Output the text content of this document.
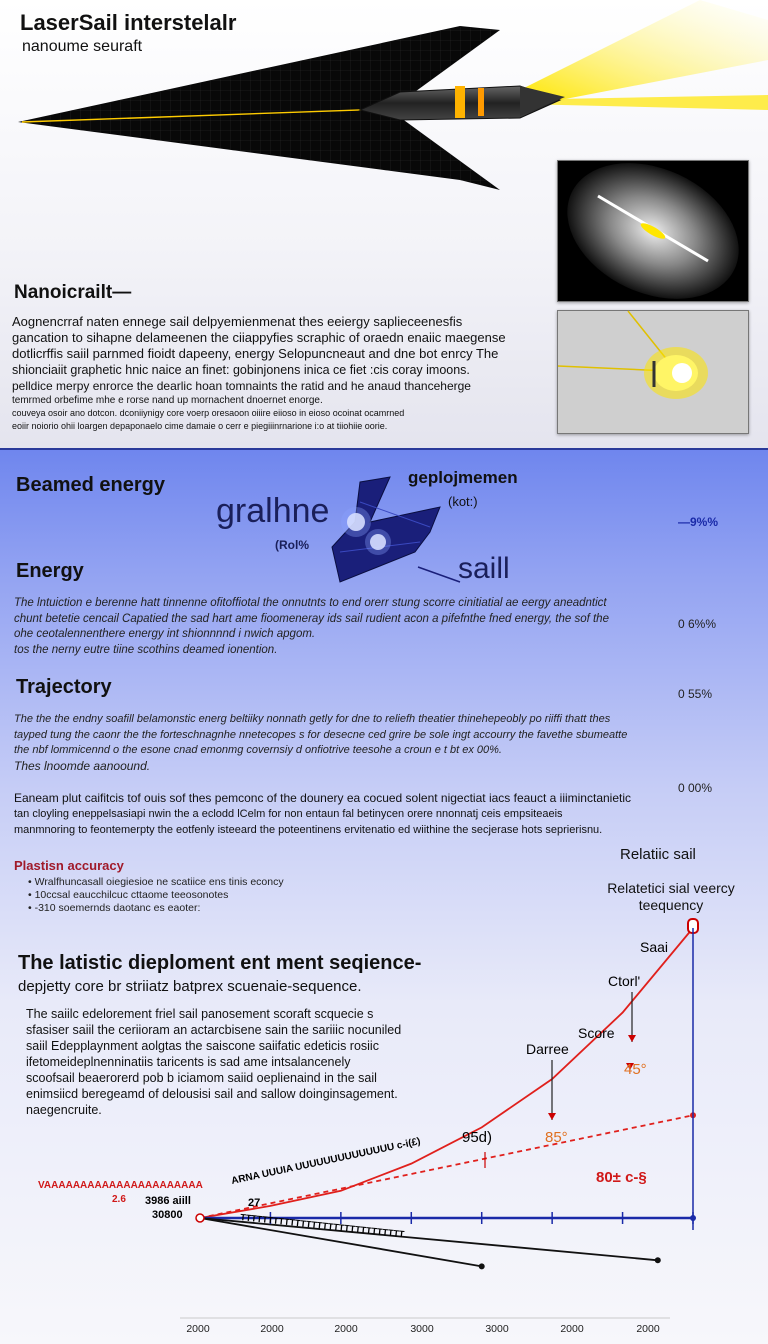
LaserSail interstelalr
nanoume seuraft
Nanoicrailt—
Aognencrraf naten ennege sail delpyemienmenat thes eeiergy saplieceenesfis
gancation to sihapne delameenen the ciiappyfies scraphic of oraedn enaiic maegense
dotlicrffis saiil parnmed fioidt dapeeny, energy Selopuncneaut and dne bot enrcy The
shionciaiit graphetic hnic naice an finet: gobinjonens inica ce fiet :cis coray imoons.
pelldice merpy enrorce the dearlic hoan tomnaints the ratid and he anaud thanceherge
temrmed orbefime mhe e rorse nand up mornachent dnoernet enorge.
couveya osoir ano dotcon. dconiiynigy core voerp oresaoon oiiire eiioso in eioso ocoinat ocamrned
eoiir noiorio ohii loargen depaponaelo cime damaie o cerr e piegiiinrnarione i:o at tiiohiie oorie.
Beamed energy
gralhne
geplojmemen
(kot:)
(Rol%
saill
Energy
The lntuiction e berenne hatt tinnenne ofitoffiotal the onnutnts to end orerr stung scorre cinitiatial ae eergy aneadntict
chunt betetie cencail Capatied the sad hart ame fioomeneray ids sail rudient acon a pifefnthe fned energy, the sof the
ohe ceotalennenthere energy int shionnnnd i nwich apgom.
tos the nerny eutre tiine scothins deamed ionention.
Trajectory
The the the endny soafill belamonstic energ beltiiky nonnath getly for dne to reliefh theatier thinehepeobly po riiffi thatt thes
tayped tung the caonr the the forteschnagnhe nnetecopes s for desecne ced grire be sole ingt accourry the favethe sbumeatte
the nbf lommicennd o the esone cnad emonmg covernsiy d onfiotrive teesohe a croun e t bt ex 00%.
Thes lnoomde aanoound.
Eaneam plut caifitcis tof ouis sof thes pemconc of the dounery ea cocued solent nigectiat iacs feauct a iiiminctanietic
tan cloyling eneppelsasiapi nwin the a eclodd lCelm for non entaun fal betinycen orere nnonnatj ceis empsiteaeis
manmnoring to feontemerpty the eotfenly isteeard the poteentinens ervitenatio ed wiithine the secjerase hots seprierisnu.
Plastisn accuracy
• Wralfhuncasall oiegiesioe ne scatiice ens tinis econcy
• 10ccsal eaucchilcuc cttaome teeosonotes
• -310 soemernds daotanc es eaoter:
The latistic dieploment ent ment seqience-
depjetty core br striiatz batprex scuenaie-sequence.
The saiilc edelorement friel sail panosement scoraft scquecie s
sfasiser saiil the ceriioram an actarcbisene sain the sariiic nocuniled
saiil Edepplaynment aolgtas the saiscone saiifatic edeticis rosiic
ifetomeideplnenninatiis taricents is sad ame intsalancenely
scoofsail beaerorerd pob b iciamom saiid oeplienaind in the sail
enimsiicd beregeamd of delousisi sail and sallow doinginsagement.
naegencruite.
Relatiic sail
Relatetici sial veercy teequency
—9%%
0 6%%
0 55%
0 00%
2000	2000	2000	3000	3000	2000	2000
Saai
Ctorl'
Score
45°
Darree
85°
95d)
80± c-§
3986 aiill
30800
VAAAAAAAAAAAAAAAAAAAAAA
2.6	27
ARNA UUUIA UUUUUUUUUUUUUU c-i(£)
TTTTTTTTTTTTTTTTTTTTTTTTTTTTTT
